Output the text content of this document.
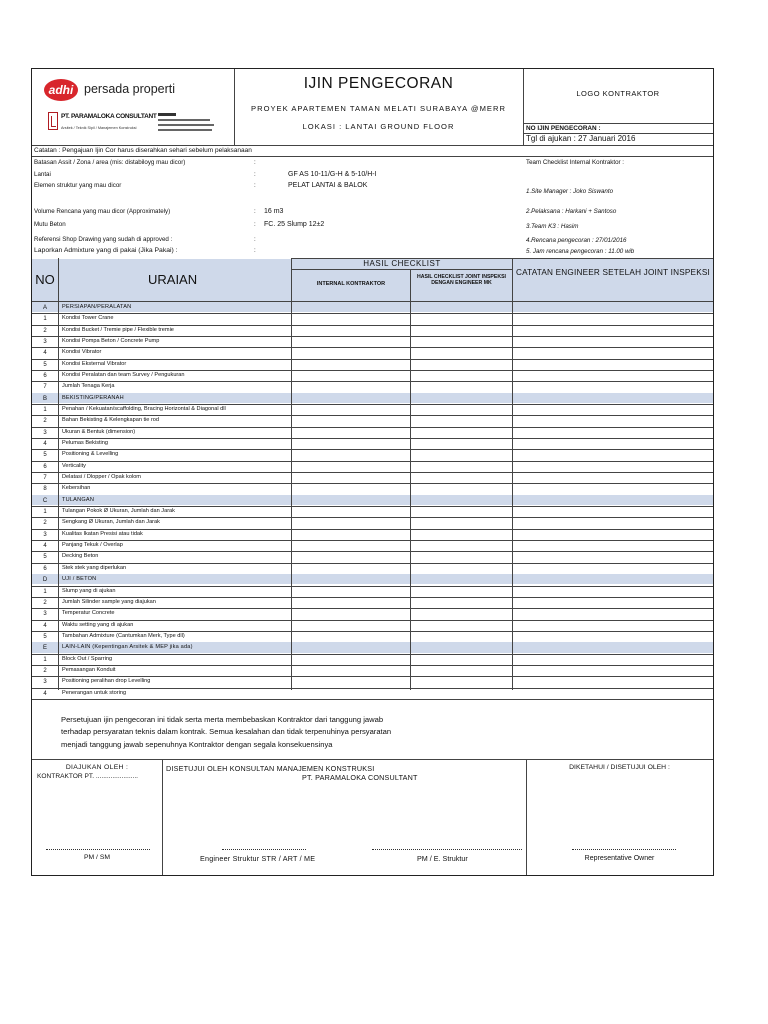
adhi persada properti
PT. PARAMALOKA CONSULTANT
Arsitek / Teknik Sipil / Manajemen Konstruksi
IJIN PENGECORAN
PROYEK APARTEMEN TAMAN MELATI SURABAYA @MERR
LOKASI : LANTAI GROUND FLOOR
LOGO KONTRAKTOR
NO IJIN PENGECORAN :
Tgl di ajukan : 27 Januari 2016
Catatan : Pengajuan Ijin Cor harus diserahkan sehari sebelum pelaksanaan
Batasan Assit / Zona / area (mis: distabiloyg mau dicor)	:
Lantai	:	GF AS 10-11/G-H & 5-10/H-I
Elemen struktur yang mau dicor	:	PELAT LANTAI & BALOK
Volume Rencana yang mau dicor (Approximately)	: 16 m3
Mutu Beton	: FC. 25 Slump 12±2
Referensi Shop Drawing yang sudah di approved :	:
Laporkan Admixture yang di pakai (Jika Pakai) :	:
Team Checklist Internal Kontraktor :
1.Site Manager : Joko Siswanto
2.Pelaksana : Harkani + Santoso
3.Team K3 : Hasim
4.Rencana pengecoran : 27/01/2016
5. Jam rencana pengecoran : 11.00 wib
NO	URAIAN
HASIL CHECKLIST
INTERNAL KONTRAKTOR
HASIL CHECKLIST JOINT INSPEKSI DENGAN ENGINEER MK
CATATAN ENGINEER SETELAH JOINT INSPEKSI
A	PERSIAPAN/PERALATAN
1	Kondisi Tower Crane
2	Kondisi Bucket / Tremie pipe / Flexible tremie
3	Kondisi Pompa Beton / Concrete Pump
4	Kondisi Vibrator
5	Kondisi Eksternal Vibrator
6	Kondisi Peralatan dan team Survey / Pengukuran
7	Jumlah Tenaga Kerja
B	BEKISTING/PERANAH
1	Penahan / Kekuatan/scaffolding, Bracing Horizontal & Diagonal dll
2	Bahan Bekisting & Kelengkapan tie rod
3	Ukuran & Bentuk (dimension)
4	Pelumas Bekisting
5	Positioning & Levelling
6	Verticality
7	Delatasi / Dlopper / Opak kolom
8	Kebersihan
C	TULANGAN
1	Tulangan Pokok Ø Ukuran, Jumlah dan Jarak
2	Sengkang Ø Ukuran, Jumlah dan Jarak
3	Kualitas Ikatan Presisi atau tidak
4	Panjang Tekuk / Overlap
5	Decking Beton
6	Stek stek yang diperlukan
D	UJI / BETON
1	Slump yang di ajukan
2	Jumlah Silinder sample yang diajukan
3	Temperatur Concrete
4	Waktu setting yang di ajukan
5	Tambahan Admixture (Cantumkan Merk, Type dll)
E	LAIN-LAIN (Kepentingan Arsitek & MEP jika ada)
1	Block Out / Sparring
2	Pemasangan Konduit
3	Positioning peralihan drop Levelling
4	Penerangan untuk storing
Persetujuan ijin pengecoran ini tidak serta merta membebaskan Kontraktor dari tanggung jawab
terhadap persyaratan teknis dalam kontrak. Semua kesalahan dan tidak terpenuhinya persyaratan
menjadi tanggung jawab sepenuhnya Kontraktor dengan segala konsekuensinya
DIAJUKAN OLEH :
KONTRAKTOR PT. .......................
DISETUJUI OLEH KONSULTAN MANAJEMEN KONSTRUKSI
PT. PARAMALOKA CONSULTANT
DIKETAHUI / DISETUJUI OLEH :
PM / SM	Engineer Struktur STR / ART / ME	PM / E. Struktur	Representative Owner
